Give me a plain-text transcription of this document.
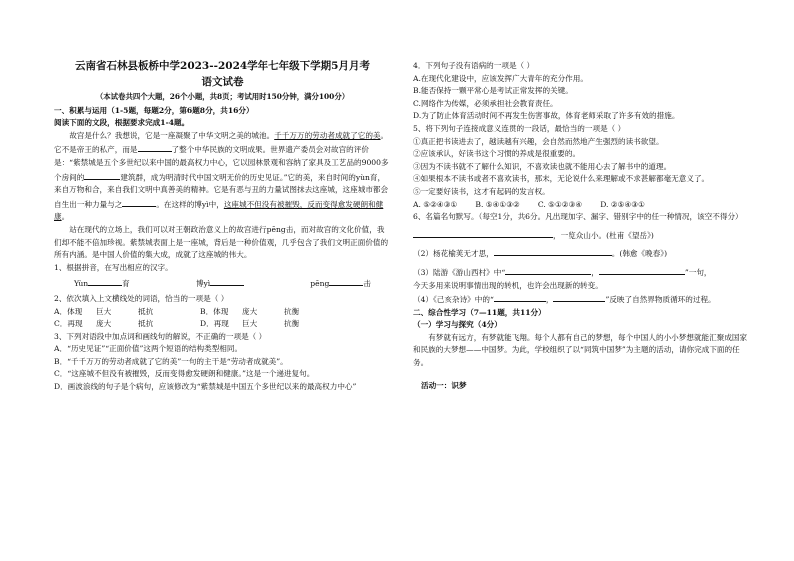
云南省石林县板桥中学2023--2024学年七年级下学期5月月考
语文试卷
（本试卷共四个大题，26个小题，共8页；考试用时150分钟，满分100分）

一、积累与运用（1-5题，每题2分，第6题8分，共16分）

阅读下面的文段，根据要求完成1-4题。

故宫是什么？我想说，它是一座凝聚了中华文明之美的城池。千千万万的劳动者成就了它的美。它不是帝王的私产，而是	了整个中华民族的文明成果。世界遗产委员会对故宫的评价是：“紫禁城是五个多世纪以来中国的最高权力中心，它以园林景观和容纳了家具及工艺品的9000多个房间的	建筑群，成为明清时代中国文明无价的历史见证。”它的美，来自时间的yùn育，来自万物和合，来自我们文明中真善美的精神。它是有恶与丑的力量试图抹去这座城，这座城市都会自生出一种力量与之	。在这样的博yì中，这座城不但没有被摧毁，反而变得愈发硬朗和健康。

站在现代的立场上，我们可以对王朝政治意义上的故宫进行pēng击，而对故宫的文化价值，我们却不能不倍加珍视。紫禁城表面上是一座城，背后是一种价值观，几乎包含了我们文明正面价值的所有内涵。是中国人价值的集大成，成就了这座城的伟大。

1、根据拼音，在写出相应的汉字。

Yùn	育	博yì	pēng	击

2、依次填入上文横线处的词语，恰当的一项是（ ）

A．体现	巨大	抵抗	B．体现	庞大	抗衡
C．再现	庞大	抵抗	D．再现	巨大	抗衡

3、下列对语段中加点词和画线句的解说，不正确的一项是（ ）

A．“历史见证”“正面价值”这两个短语的结构类型相同。

B．“千千万万的劳动者成就了它的美”一句的主干是“劳动者成就美”。

C．“这座城不但没有被摧毁，反而变得愈发硬朗和健康。”这是一个递进复句。

D．画波浪线的句子是个病句，应该修改为“紫禁城是中国五个多世纪以来的最高权力中心”

4．下列句子没有语病的一项是（ ）

A.在现代化建设中，应该发挥广大青年的充分作用。

B.能否保持一颗平常心是考试正常发挥的关键。

C.网络作为传媒，必须承担社会教育责任。

D.为了防止体育活动时间不再发生伤害事故，体育老师采取了许多有效的措施。

5、将下列句子连接成意义连贯的一段话，最恰当的一项是（ ）

①真正把书读进去了，越读越有兴趣，会自然而然地产生强烈的读书欲望。

②应该承认，好读书这个习惯的养成是很重要的。

③因为不读书就不了解什么知识，不喜欢读也就不能用心去了解书中的道理。

④如果根本不读书或者不喜欢读书，那末，无论说什么来理解或不求甚解都毫无意义了。

⑤一定要好读书，这才有起码的发言权。

A. ⑤②④③① B. ⑤④①③② C. ⑤①②③④ D. ②⑤④③①

6、名篇名句默写。（每空1分，共6分。凡出现加字、漏字、错别字中的任一种情况，该空不得分）

，一览众山小。(杜甫《望岳》)

（2）杨花榆荚无才思，	。(韩愈《晚春》)

（3）陆游《游山西村》中“	，	”一句，

今天多用来说明事情出现的转机，也许会出现新的转变。

（4）《己亥杂诗》中的“	，	”反映了自然界物质循环的过程。

二、综合性学习（7—11题，共11分）

（一）学习与探究（4分）

有梦就有远方，有梦就能飞翔。每个人都有自己的梦想，每个中国人的小小梦想就能汇聚成国家和民族的大梦想——中国梦。为此，学校组织了以“同筑中国梦”为主题的活动，请你完成下面的任务。

活动一：识梦
